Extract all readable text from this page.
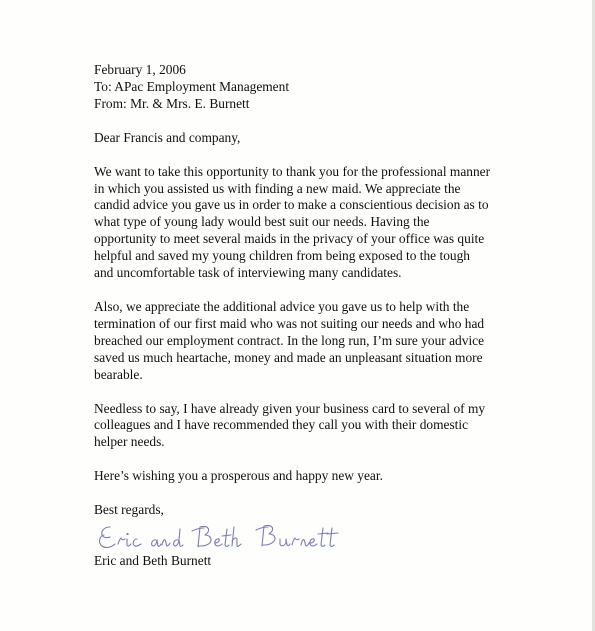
February 1, 2006
To: APac Employment Management
From: Mr. & Mrs. E. Burnett
Dear Francis and company,
We want to take this opportunity to thank you for the professional manner
in which you assisted us with finding a new maid. We appreciate the
candid advice you gave us in order to make a conscientious decision as to
what type of young lady would best suit our needs. Having the
opportunity to meet several maids in the privacy of your office was quite
helpful and saved my young children from being exposed to the tough
and uncomfortable task of interviewing many candidates.
Also, we appreciate the additional advice you gave us to help with the
termination of our first maid who was not suiting our needs and who had
breached our employment contract. In the long run, I’m sure your advice
saved us much heartache, money and made an unpleasant situation more
bearable.
Needless to say, I have already given your business card to several of my
colleagues and I have recommended they call you with their domestic
helper needs.
Here’s wishing you a prosperous and happy new year.
Best regards,
Eric and Beth Burnett
